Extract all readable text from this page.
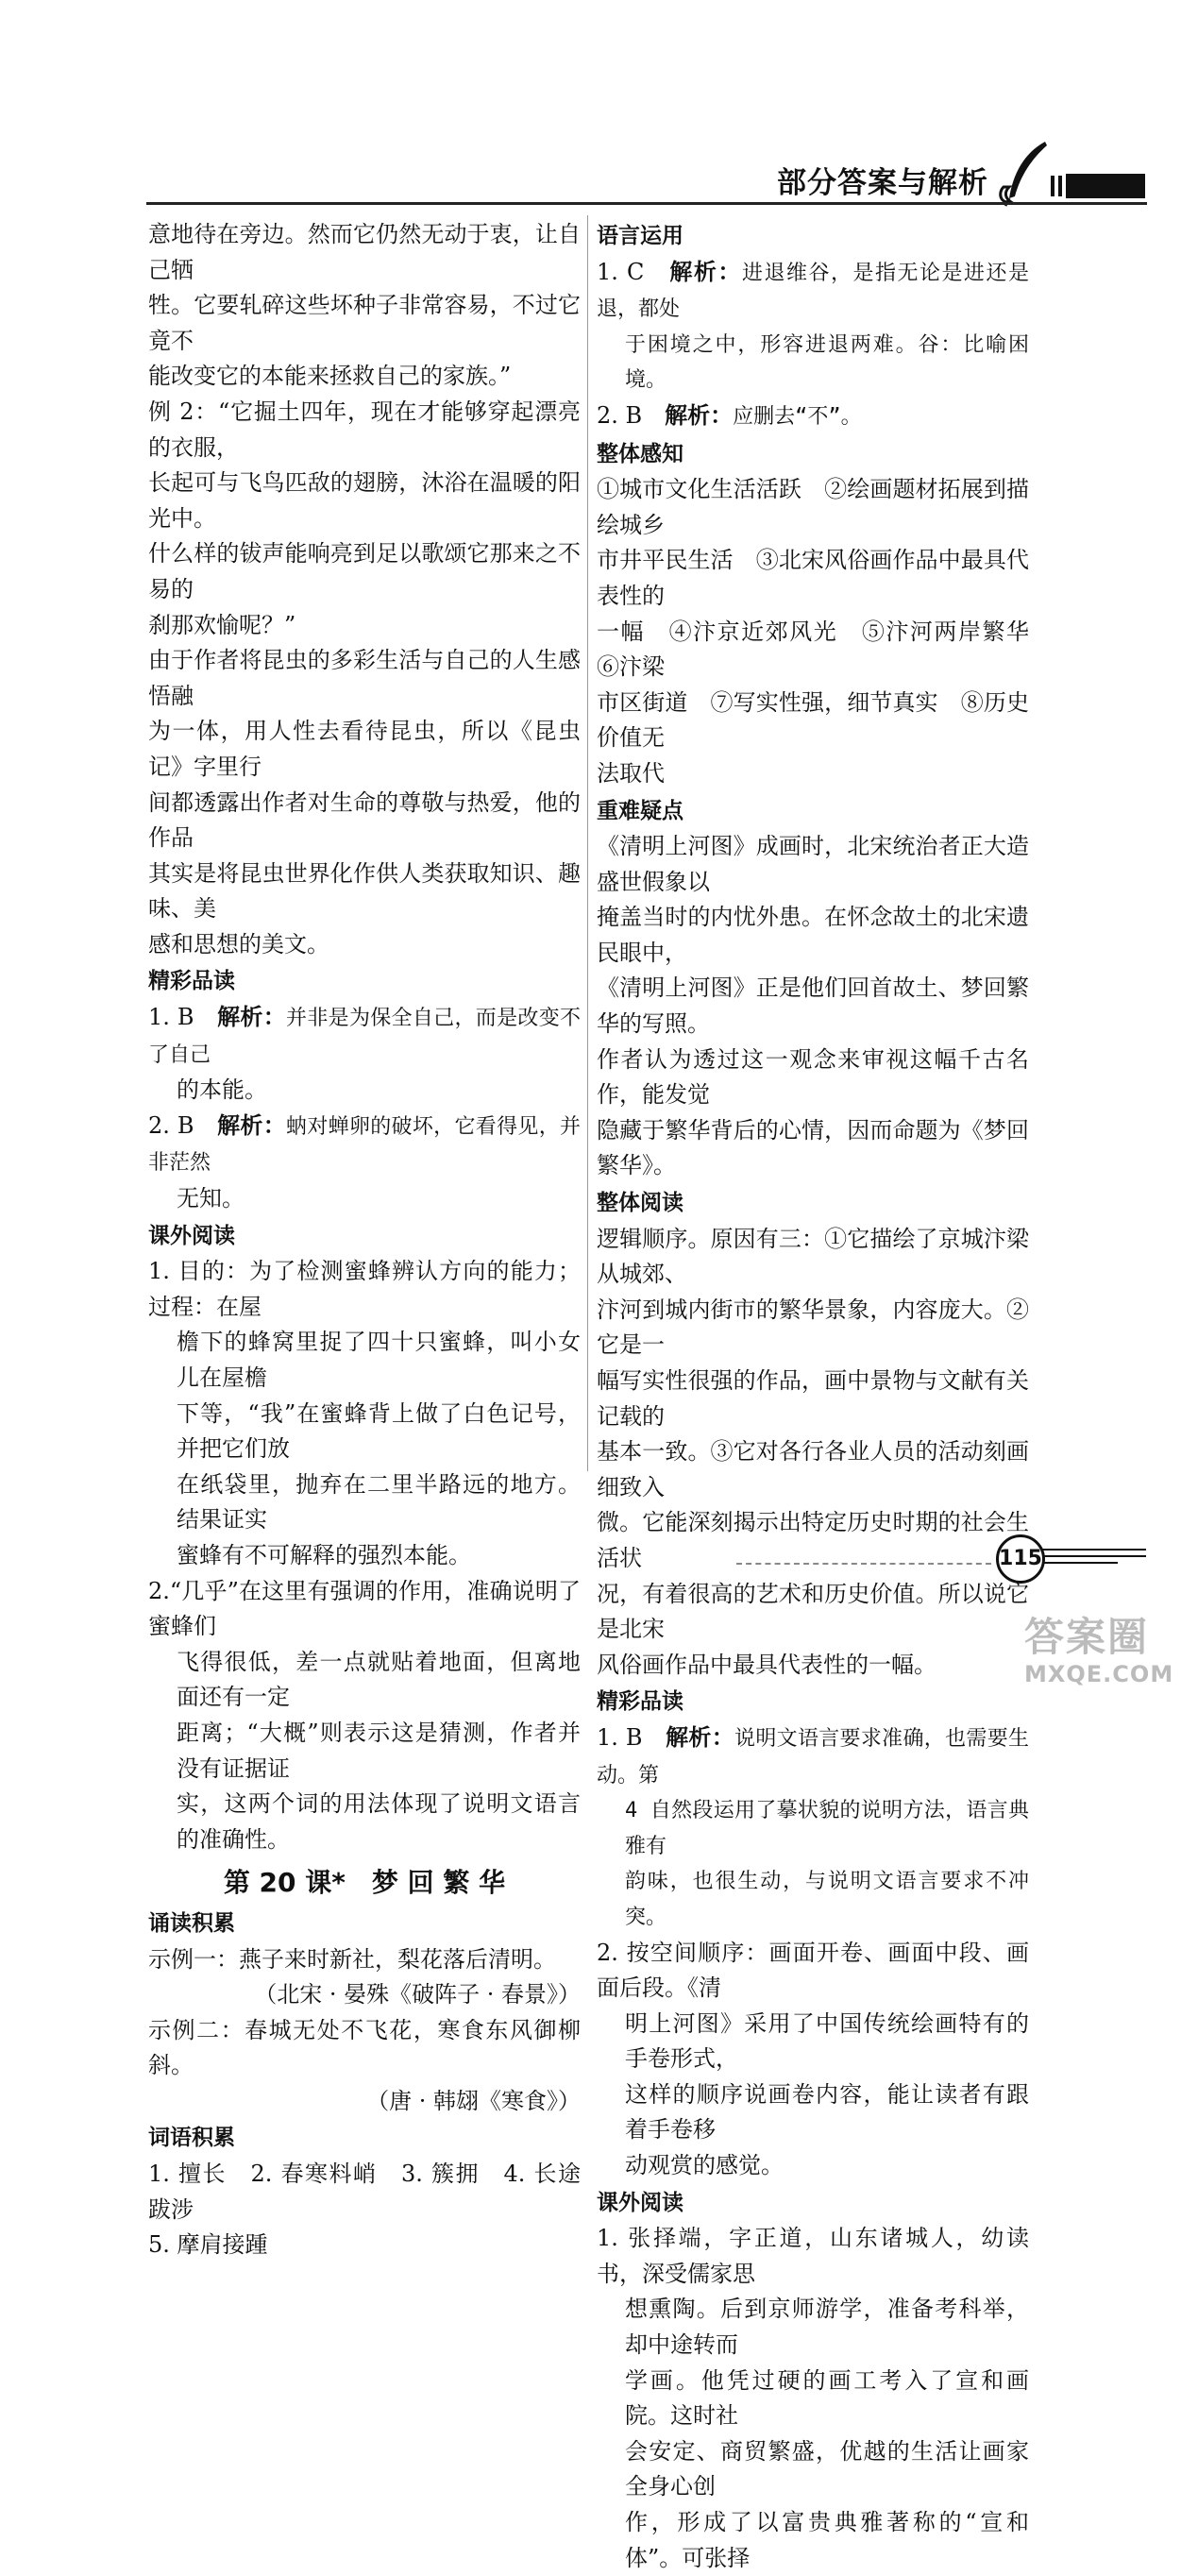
部分答案与解析

意地待在旁边。然而它仍然无动于衷，让自己牺

牲。它要轧碎这些坏种子非常容易，不过它竟不

能改变它的本能来拯救自己的家族。”

例 2：“它掘土四年，现在才能够穿起漂亮的衣服，

长起可与飞鸟匹敌的翅膀，沐浴在温暖的阳光中。

什么样的钹声能响亮到足以歌颂它那来之不易的

刹那欢愉呢？”

由于作者将昆虫的多彩生活与自己的人生感悟融

为一体，用人性去看待昆虫，所以《昆虫记》字里行

间都透露出作者对生命的尊敬与热爱，他的作品

其实是将昆虫世界化作供人类获取知识、趣味、美

感和思想的美文。

精彩品读

1. B　 解析：并非是为保全自己，而是改变不了自己

的本能。

2. B　 解析：蚋对蝉卵的破坏，它看得见，并非茫然

无知。

课外阅读

1. 目的：为了检测蜜蜂辨认方向的能力；过程：在屋

檐下的蜂窝里捉了四十只蜜蜂，叫小女儿在屋檐

下等，“我”在蜜蜂背上做了白色记号，并把它们放

在纸袋里，抛弃在二里半路远的地方。结果证实

蜜蜂有不可解释的强烈本能。

2.“几乎”在这里有强调的作用，准确说明了蜜蜂们

飞得很低，差一点就贴着地面，但离地面还有一定

距离；“大概”则表示这是猜测，作者并没有证据证

实，这两个词的用法体现了说明文语言的准确性。

第 20 课*　梦 回 繁 华

诵读积累

示例一：燕子来时新社，梨花落后清明。

（北宋 · 晏殊《破阵子 · 春景》）

示例二：春城无处不飞花，寒食东风御柳斜。

（唐 · 韩翃《寒食》）

词语积累

1. 擅长　2. 春寒料峭　3. 簇拥　4. 长途跋涉

5. 摩肩接踵

语言运用

1. C　 解析：进退维谷，是指无论是进还是退，都处

于困境之中，形容进退两难。谷：比喻困境。

2. B　 解析：应删去“不”。

整体感知

①城市文化生活活跃　②绘画题材拓展到描绘城乡

市井平民生活　③北宋风俗画作品中最具代表性的

一幅　④汴京近郊风光　⑤汴河两岸繁华　⑥汴梁

市区街道　⑦写实性强，细节真实　⑧历史价值无

法取代

重难疑点

《清明上河图》成画时，北宋统治者正大造盛世假象以

掩盖当时的内忧外患。在怀念故土的北宋遗民眼中，

《清明上河图》正是他们回首故土、梦回繁华的写照。

作者认为透过这一观念来审视这幅千古名作，能发觉

隐藏于繁华背后的心情，因而命题为《梦回繁华》。

整体阅读

逻辑顺序。原因有三：①它描绘了京城汴梁从城郊、

汴河到城内街市的繁华景象，内容庞大。②它是一

幅写实性很强的作品，画中景物与文献有关记载的

基本一致。③它对各行各业人员的活动刻画细致入

微。它能深刻揭示出特定历史时期的社会生活状

况，有着很高的艺术和历史价值。所以说它是北宋

风俗画作品中最具代表性的一幅。

精彩品读

1. B　 解析：说明文语言要求准确，也需要生动。第

4 自然段运用了摹状貌的说明方法，语言典雅有

韵味，也很生动，与说明文语言要求不冲突。

2. 按空间顺序：画面开卷、画面中段、画面后段。《清

明上河图》采用了中国传统绘画特有的手卷形式，

这样的顺序说画卷内容，能让读者有跟着手卷移

动观赏的感觉。

课外阅读

1. 张择端，字正道，山东诸城人，幼读书，深受儒家思

想熏陶。后到京师游学，准备考科举，却中途转而

学画。他凭过硬的画工考入了宣和画院。这时社

会安定、商贸繁盛，优越的生活让画家全身心创

作，形成了以富贵典雅著称的“宣和体”。可张择

115
答案圈
MXQE.COM
